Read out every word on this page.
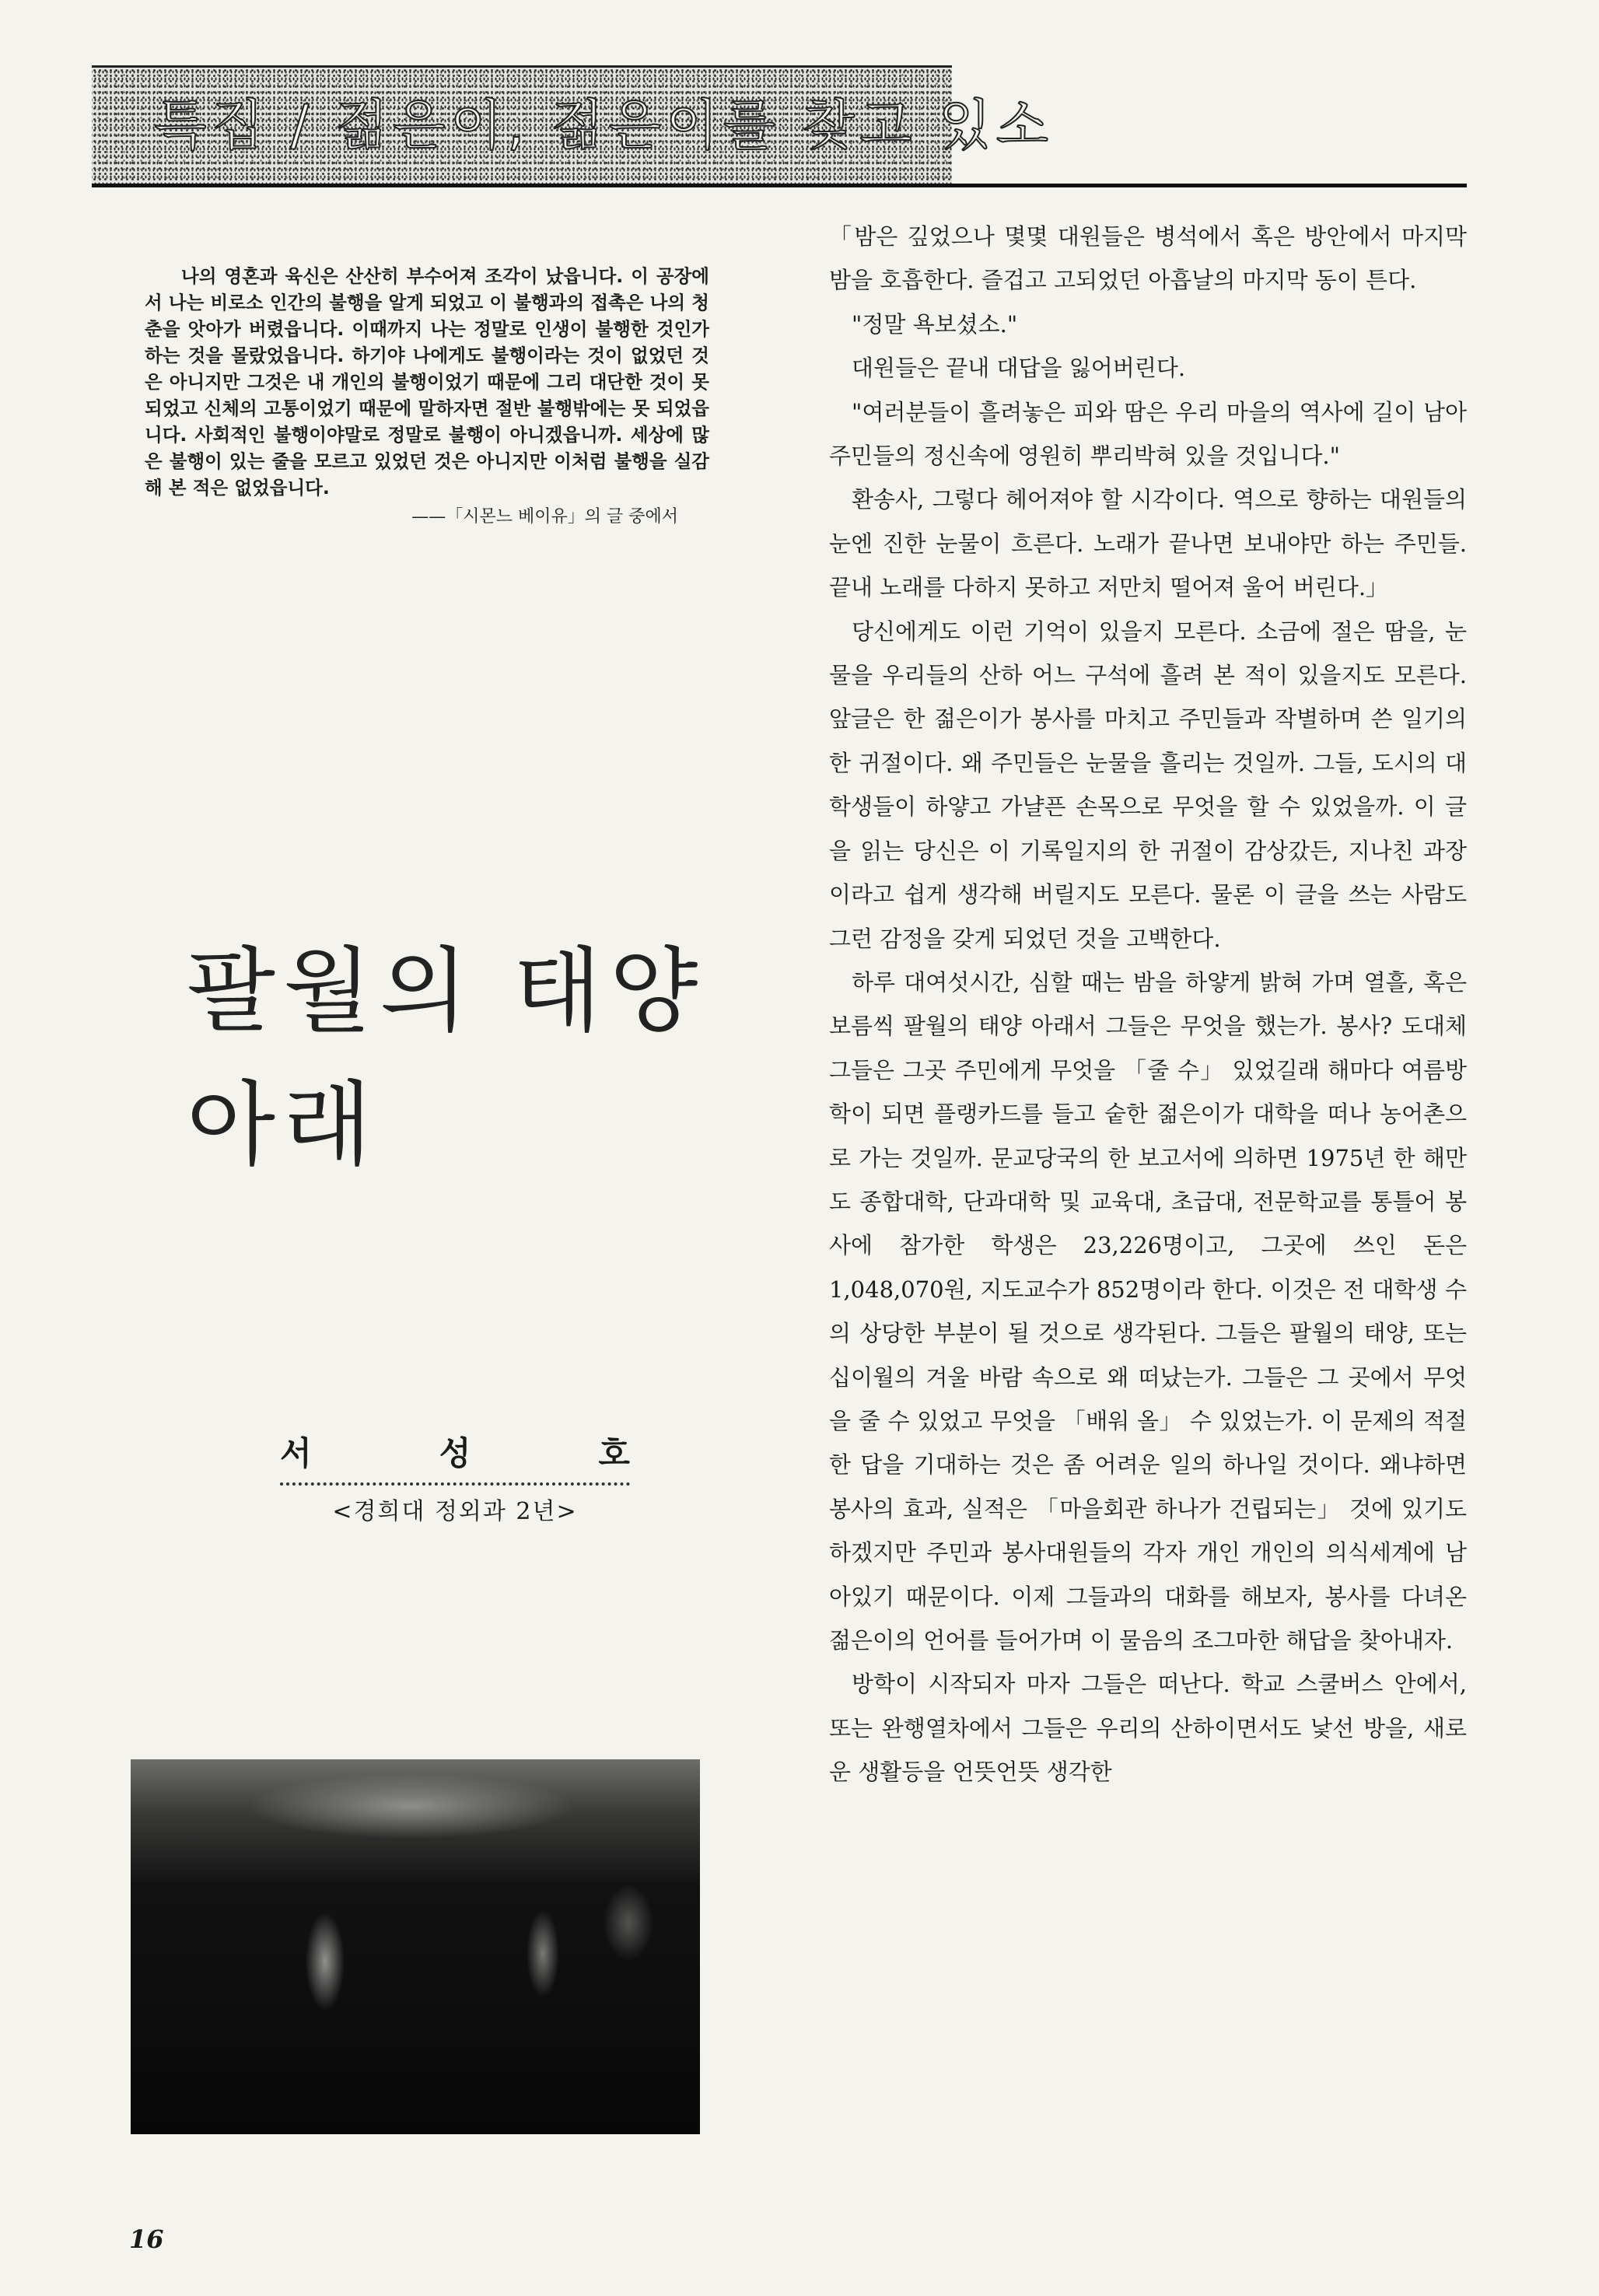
특집 / 젊은이, 젊은이를 찾고 있소

나의 영혼과 육신은 산산히 부수어져 조각이 났읍니다. 이 공장에서 나는 비로소 인간의 불행을 알게 되었고 이 불행과의 접촉은 나의 청춘을 앗아가 버렸읍니다. 이때까지 나는 정말로 인생이 불행한 것인가 하는 것을 몰랐었읍니다. 하기야 나에게도 불행이라는 것이 없었던 것은 아니지만 그것은 내 개인의 불행이었기 때문에 그리 대단한 것이 못되었고 신체의 고통이었기 때문에 말하자면 절반 불행밖에는 못 되었읍니다. 사회적인 불행이야말로 정말로 불행이 아니겠읍니까. 세상에 많은 불행이 있는 줄을 모르고 있었던 것은 아니지만 이처럼 불행을 실감해 본 적은 없었읍니다.

——「시몬느 베이유」의 글 중에서
팔월의 태양
아래
서	성	호
<경희대 정외과 2년>
16

「밤은 깊었으나 몇몇 대원들은 병석에서 혹은 방안에서 마지막 밤을 호흡한다. 즐겁고 고되었던 아흡날의 마지막 동이 튼다.

"정말 욕보셨소."

대원들은 끝내 대답을 잃어버린다.

"여러분들이 흘려놓은 피와 땀은 우리 마을의 역사에 길이 남아 주민들의 정신속에 영원히 뿌리박혀 있을 것입니다."

환송사, 그렇다 헤어져야 할 시각이다. 역으로 향하는 대원들의 눈엔 진한 눈물이 흐른다. 노래가 끝나면 보내야만 하는 주민들. 끝내 노래를 다하지 못하고 저만치 떨어져 울어 버린다.」

당신에게도 이런 기억이 있을지 모른다. 소금에 절은 땀을, 눈물을 우리들의 산하 어느 구석에 흘려 본 적이 있을지도 모른다. 앞글은 한 젊은이가 봉사를 마치고 주민들과 작별하며 쓴 일기의 한 귀절이다. 왜 주민들은 눈물을 흘리는 것일까. 그들, 도시의 대학생들이 하얗고 가냘픈 손목으로 무엇을 할 수 있었을까. 이 글을 읽는 당신은 이 기록일지의 한 귀절이 감상갔든, 지나친 과장이라고 쉽게 생각해 버릴지도 모른다. 물론 이 글을 쓰는 사람도 그런 감정을 갖게 되었던 것을 고백한다.

하루 대여섯시간, 심할 때는 밤을 하얗게 밝혀 가며 열흘, 혹은 보름씩 팔월의 태양 아래서 그들은 무엇을 했는가. 봉사? 도대체 그들은 그곳 주민에게 무엇을 「줄 수」 있었길래 해마다 여름방학이 되면 플랭카드를 들고 숱한 젊은이가 대학을 떠나 농어촌으로 가는 것일까. 문교당국의 한 보고서에 의하면 1975년 한 해만도 종합대학, 단과대학 및 교육대, 초급대, 전문학교를 통틀어 봉사에 참가한 학생은 23,226명이고, 그곳에 쓰인 돈은 1,048,070원, 지도교수가 852명이라 한다. 이것은 전 대학생 수의 상당한 부분이 될 것으로 생각된다. 그들은 팔월의 태양, 또는 십이월의 겨울 바람 속으로 왜 떠났는가. 그들은 그 곳에서 무엇을 줄 수 있었고 무엇을 「배워 올」 수 있었는가. 이 문제의 적절한 답을 기대하는 것은 좀 어려운 일의 하나일 것이다. 왜냐하면 봉사의 효과, 실적은 「마을회관 하나가 건립되는」 것에 있기도 하겠지만 주민과 봉사대원들의 각자 개인 개인의 의식세계에 남아있기 때문이다. 이제 그들과의 대화를 해보자, 봉사를 다녀온 젊은이의 언어를 들어가며 이 물음의 조그마한 해답을 찾아내자.

방학이 시작되자 마자 그들은 떠난다. 학교 스쿨버스 안에서, 또는 완행열차에서 그들은 우리의 산하이면서도 낯선 방을, 새로운 생활등을 언뜻언뜻 생각한
